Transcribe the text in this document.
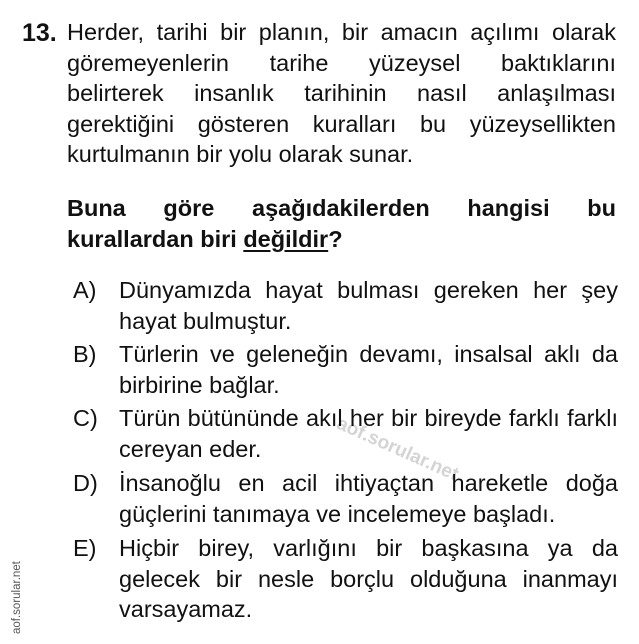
aof.sorular.net
13. Herder, tarihi bir planın, bir amacın açılımı olarak göremeyenlerin tarihe yüzeysel baktıklarını belirterek insanlık tarihinin nasıl anlaşılması gerektiğini gösteren kuralları bu yüzeysellikten kurtulmanın bir yolu olarak sunar.
Buna göre aşağıdakilerden hangisi bu kurallardan biri değildir?
A) Dünyamızda hayat bulması gereken her şey hayat bulmuştur.
B) Türlerin ve geleneğin devamı, insalsal aklı da birbirine bağlar.
C) Türün bütününde akıl her bir bireyde farklı farklı cereyan eder.
D) İnsanoğlu en acil ihtiyaçtan hareketle doğa güçlerini tanımaya ve incelemeye başladı.
E) Hiçbir birey, varlığını bir başkasına ya da gelecek bir nesle borçlu olduğuna inanmayı varsayamaz.
aof.sorular.net
